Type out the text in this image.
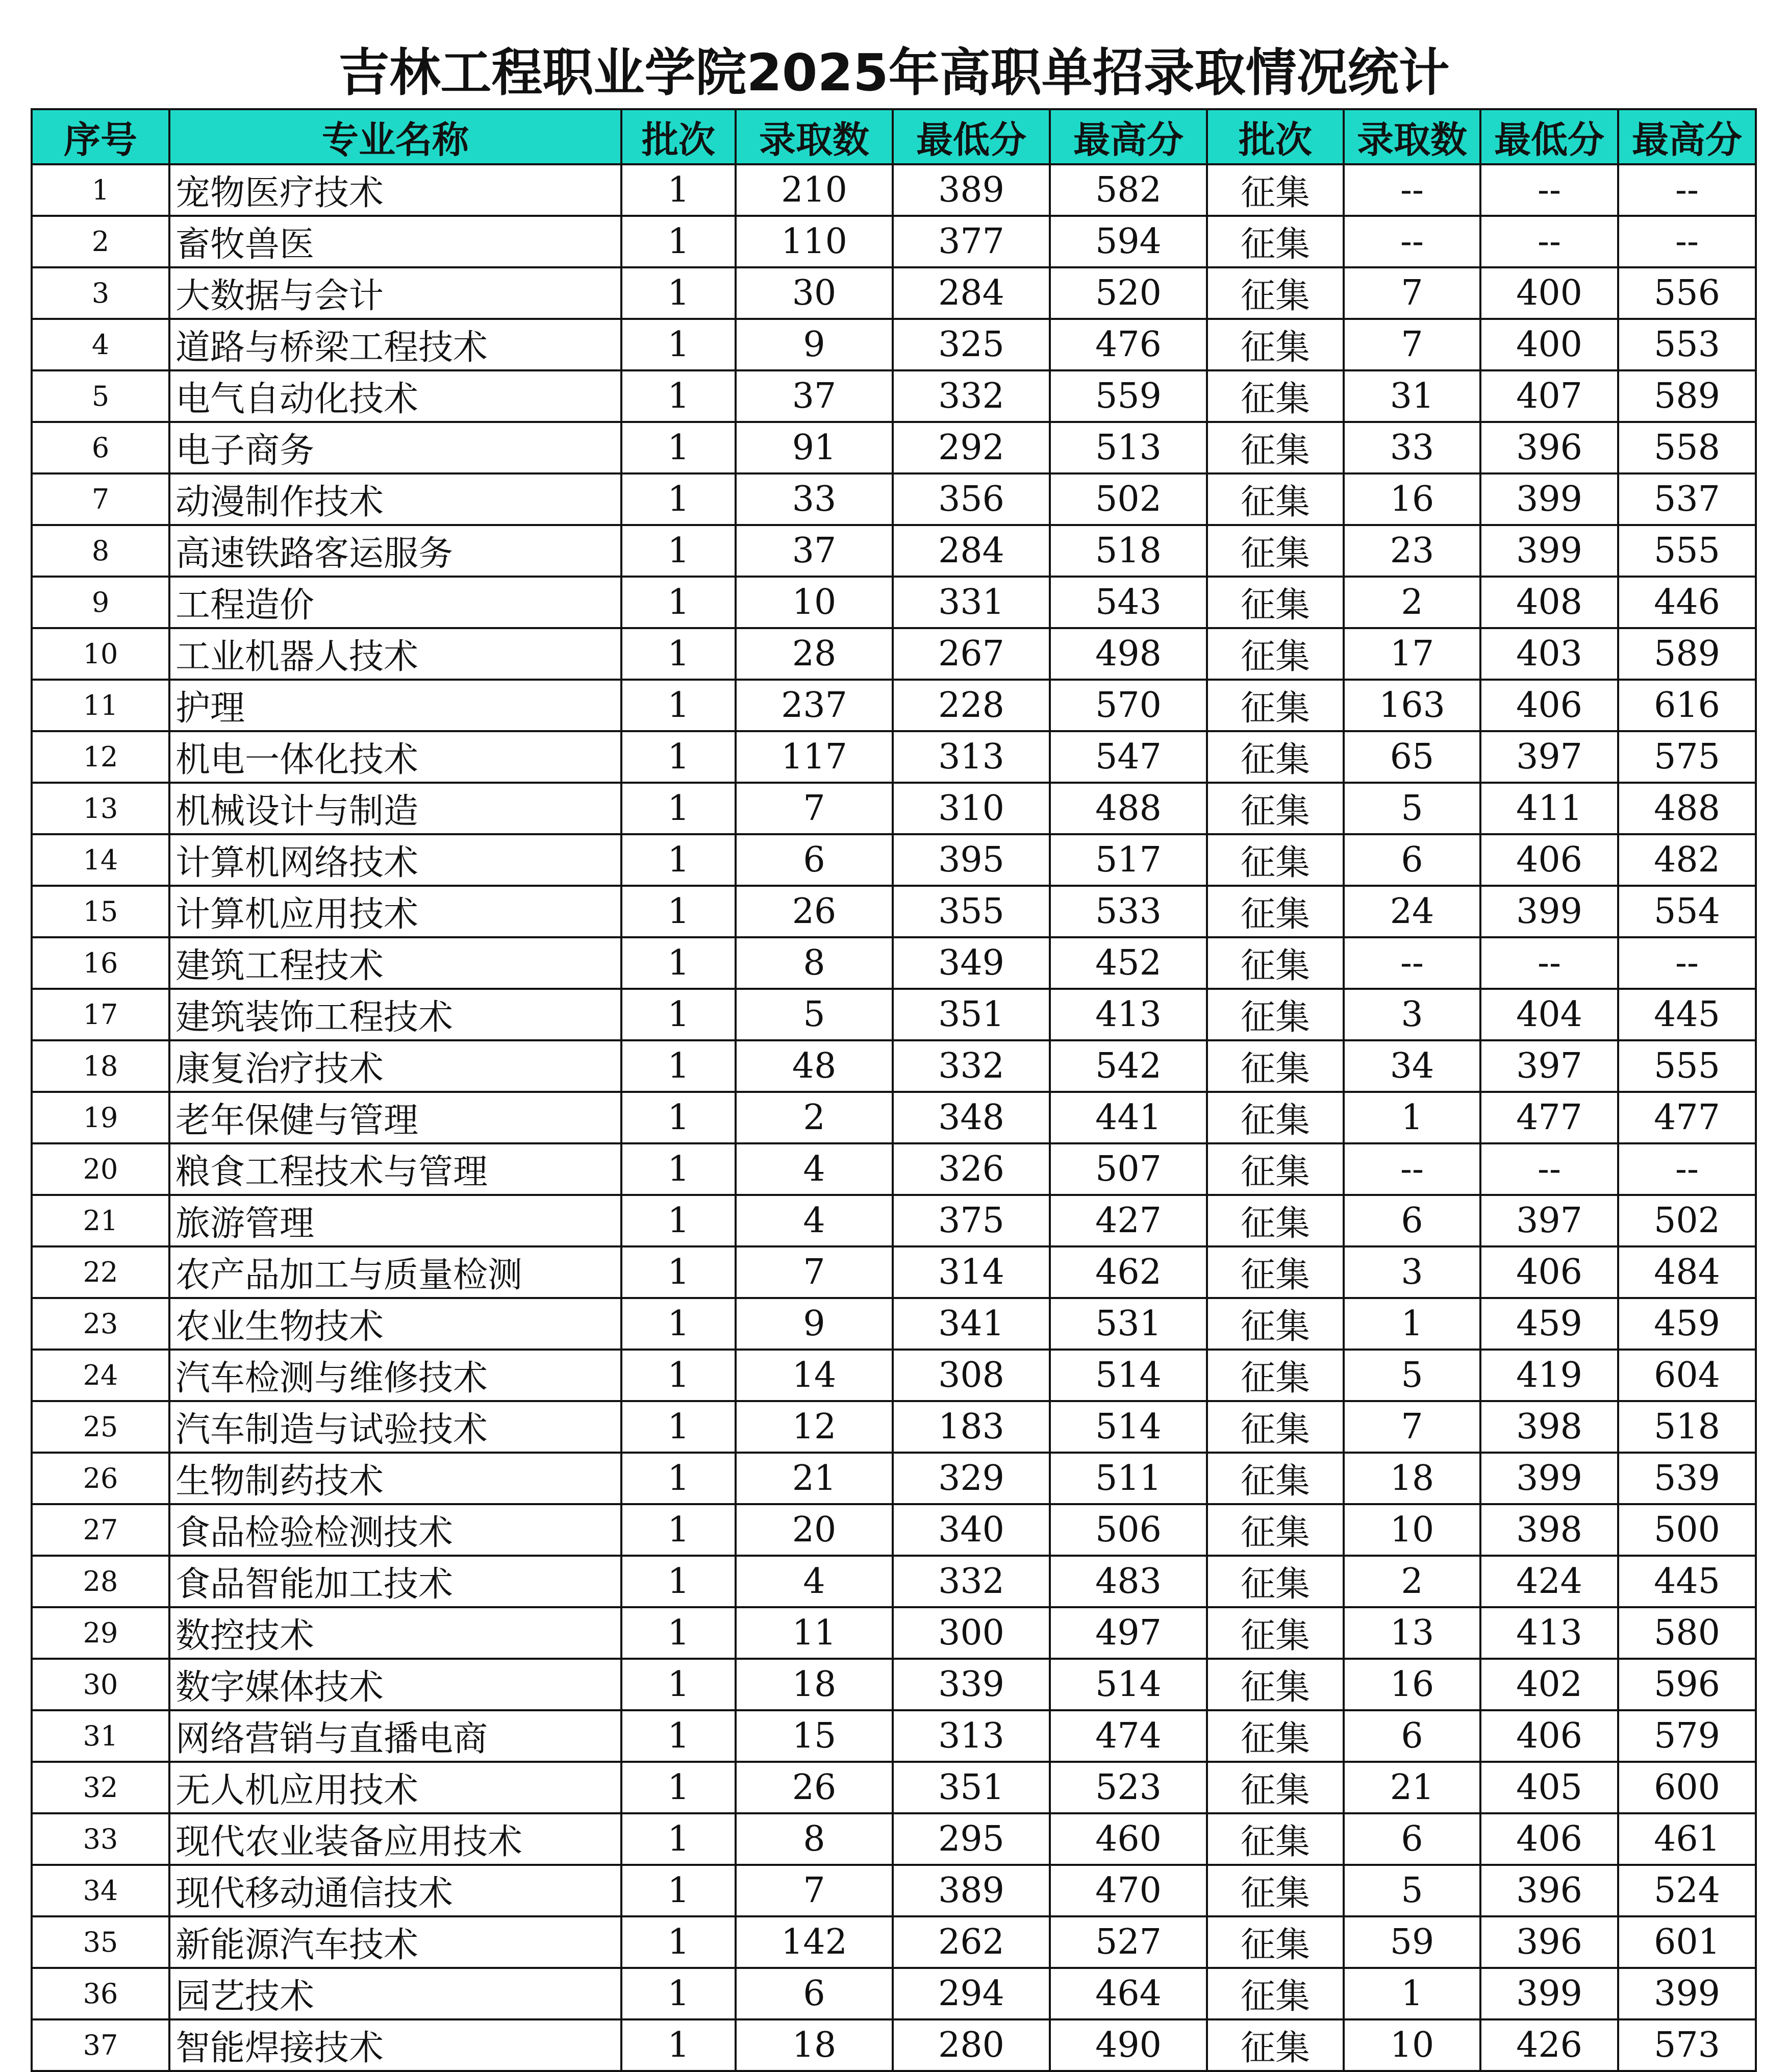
吉林工程职业学院2025年高职单招录取情况统计
序号	专业名称	批次	录取数	最低分	最高分	批次	录取数	最低分	最高分
1	宠物医疗技术	1	210	389	582	征集	--	--	--
2	畜牧兽医	1	110	377	594	征集	--	--	--
3	大数据与会计	1	30	284	520	征集	7	400	556
4	道路与桥梁工程技术	1	9	325	476	征集	7	400	553
5	电气自动化技术	1	37	332	559	征集	31	407	589
6	电子商务	1	91	292	513	征集	33	396	558
7	动漫制作技术	1	33	356	502	征集	16	399	537
8	高速铁路客运服务	1	37	284	518	征集	23	399	555
9	工程造价	1	10	331	543	征集	2	408	446
10	工业机器人技术	1	28	267	498	征集	17	403	589
11	护理	1	237	228	570	征集	163	406	616
12	机电一体化技术	1	117	313	547	征集	65	397	575
13	机械设计与制造	1	7	310	488	征集	5	411	488
14	计算机网络技术	1	6	395	517	征集	6	406	482
15	计算机应用技术	1	26	355	533	征集	24	399	554
16	建筑工程技术	1	8	349	452	征集	--	--	--
17	建筑装饰工程技术	1	5	351	413	征集	3	404	445
18	康复治疗技术	1	48	332	542	征集	34	397	555
19	老年保健与管理	1	2	348	441	征集	1	477	477
20	粮食工程技术与管理	1	4	326	507	征集	--	--	--
21	旅游管理	1	4	375	427	征集	6	397	502
22	农产品加工与质量检测	1	7	314	462	征集	3	406	484
23	农业生物技术	1	9	341	531	征集	1	459	459
24	汽车检测与维修技术	1	14	308	514	征集	5	419	604
25	汽车制造与试验技术	1	12	183	514	征集	7	398	518
26	生物制药技术	1	21	329	511	征集	18	399	539
27	食品检验检测技术	1	20	340	506	征集	10	398	500
28	食品智能加工技术	1	4	332	483	征集	2	424	445
29	数控技术	1	11	300	497	征集	13	413	580
30	数字媒体技术	1	18	339	514	征集	16	402	596
31	网络营销与直播电商	1	15	313	474	征集	6	406	579
32	无人机应用技术	1	26	351	523	征集	21	405	600
33	现代农业装备应用技术	1	8	295	460	征集	6	406	461
34	现代移动通信技术	1	7	389	470	征集	5	396	524
35	新能源汽车技术	1	142	262	527	征集	59	396	601
36	园艺技术	1	6	294	464	征集	1	399	399
37	智能焊接技术	1	18	280	490	征集	10	426	573
